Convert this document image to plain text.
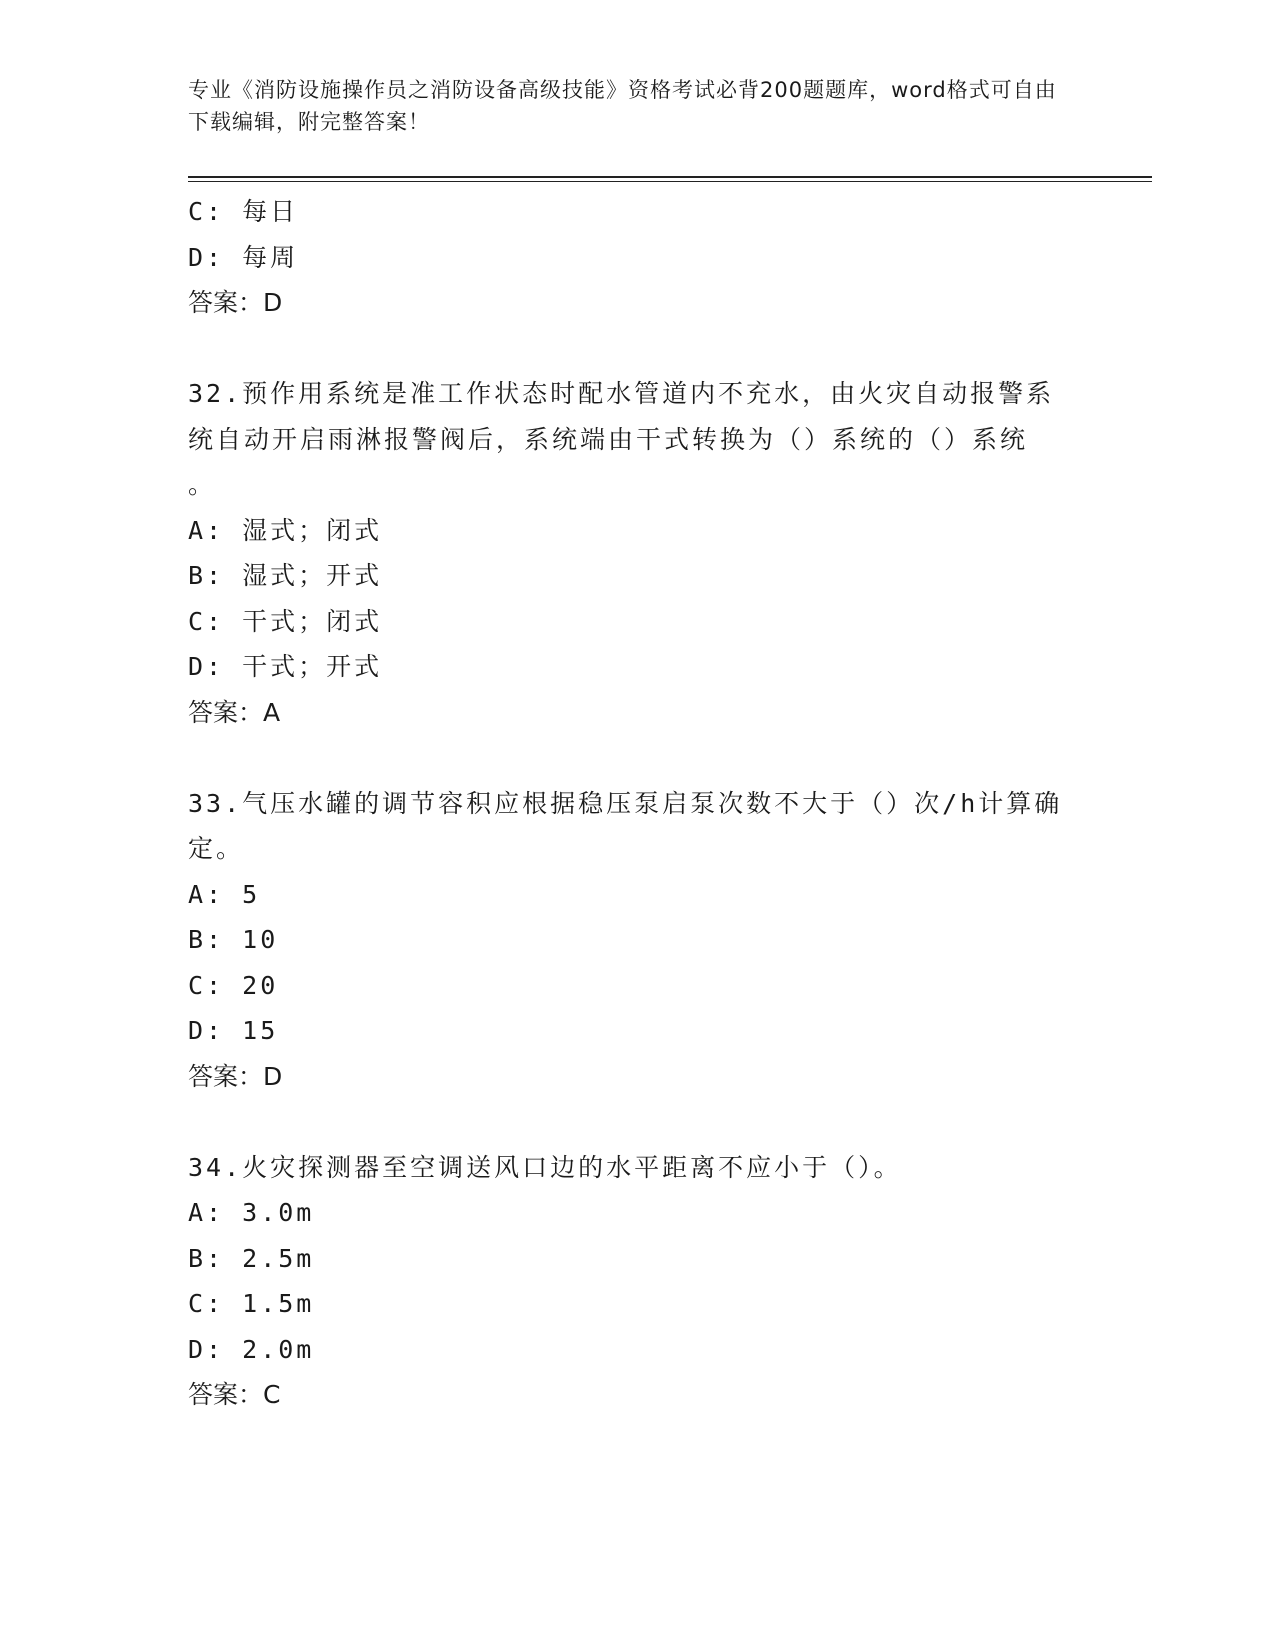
专业《消防设施操作员之消防设备高级技能》资格考试必背200题题库，word格式可自由下载编辑，附完整答案！
C: 每日
D: 每周
答案：D
32.预作用系统是准工作状态时配水管道内不充水，由火灾自动报警系
统自动开启雨淋报警阀后，系统端由干式转换为（）系统的（）系统
。
A: 湿式；闭式
B: 湿式；开式
C: 干式；闭式
D: 干式；开式
答案：A
33.气压水罐的调节容积应根据稳压泵启泵次数不大于（）次/h计算确
定。
A: 5
B: 10
C: 20
D: 15
答案：D
34.火灾探测器至空调送风口边的水平距离不应小于（）。
A: 3.0m
B: 2.5m
C: 1.5m
D: 2.0m
答案：C
